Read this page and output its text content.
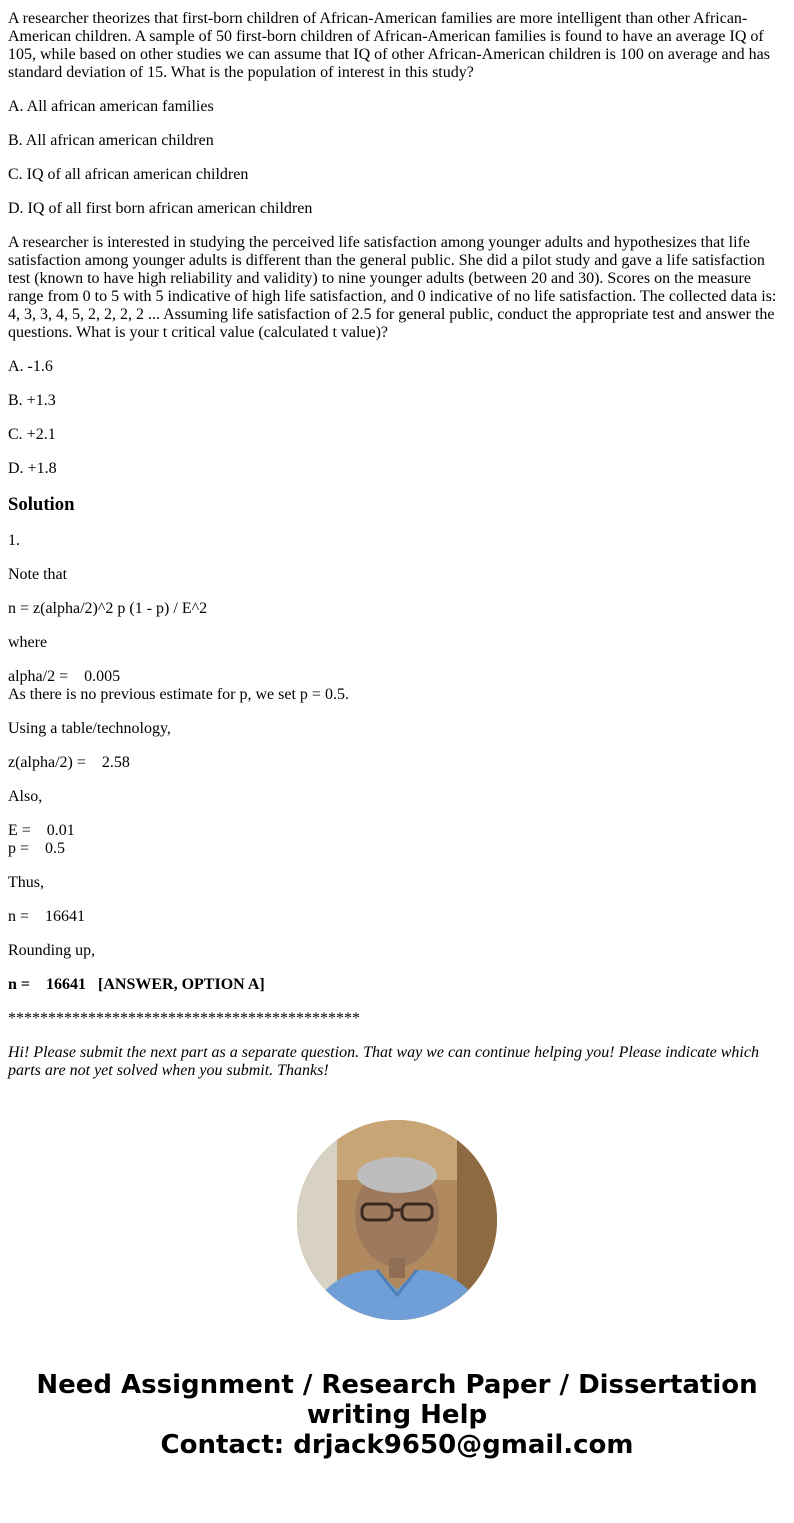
A researcher theorizes that first-born children of African-American families are more intelligent than other African-American children. A sample of 50 first-born children of African-American families is found to have an average IQ of 105, while based on other studies we can assume that IQ of other African-American children is 100 on average and has standard deviation of 15. What is the population of interest in this study?

A. All african american families

B. All african american children

C. IQ of all african american children

D. IQ of all first born african american children

A researcher is interested in studying the perceived life satisfaction among younger adults and hypothesizes that life satisfaction among younger adults is different than the general public. She did a pilot study and gave a life satisfaction test (known to have high reliability and validity) to nine younger adults (between 20 and 30). Scores on the measure range from 0 to 5 with 5 indicative of high life satisfaction, and 0 indicative of no life satisfaction. The collected data is: 4, 3, 3, 4, 5, 2, 2, 2, 2 ... Assuming life satisfaction of 2.5 for general public, conduct the appropriate test and answer the questions. What is your t critical value (calculated t value)?

A. -1.6

B. +1.3

C. +2.1

D. +1.8

Solution

1.

Note that

n = z(alpha/2)^2 p (1 - p) / E^2

where

alpha/2 =    0.005

As there is no previous estimate for p, we set p = 0.5.

Using a table/technology,

z(alpha/2) =    2.58

Also,

E =    0.01

p =    0.5

Thus,

n =    16641

Rounding up,

n =    16641   [ANSWER, OPTION A]

********************************************

Hi! Please submit the next part as a separate question. That way we can continue helping you! Please indicate which parts are not yet solved when you submit. Thanks!

Need Assignment / Research Paper / Dissertation writing Help
Contact: drjack9650@gmail.com
